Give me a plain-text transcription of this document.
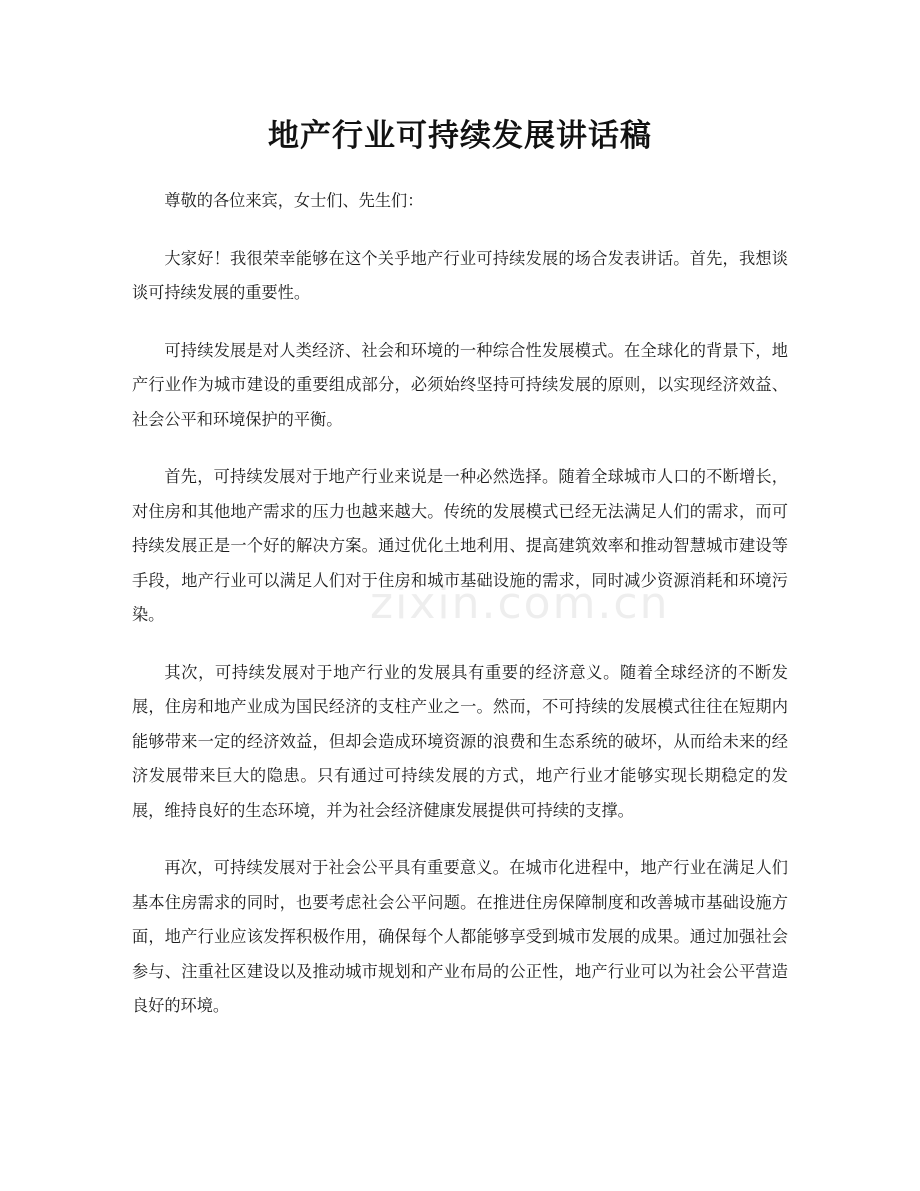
地产行业可持续发展讲话稿

尊敬的各位来宾，女士们、先生们：

大家好！我很荣幸能够在这个关乎地产行业可持续发展的场合发表讲话。首先，我想谈谈可持续发展的重要性。

可持续发展是对人类经济、社会和环境的一种综合性发展模式。在全球化的背景下，地产行业作为城市建设的重要组成部分，必须始终坚持可持续发展的原则，以实现经济效益、社会公平和环境保护的平衡。

首先，可持续发展对于地产行业来说是一种必然选择。随着全球城市人口的不断增长，对住房和其他地产需求的压力也越来越大。传统的发展模式已经无法满足人们的需求，而可持续发展正是一个好的解决方案。通过优化土地利用、提高建筑效率和推动智慧城市建设等手段，地产行业可以满足人们对于住房和城市基础设施的需求，同时减少资源消耗和环境污染。

其次，可持续发展对于地产行业的发展具有重要的经济意义。随着全球经济的不断发展，住房和地产业成为国民经济的支柱产业之一。然而，不可持续的发展模式往往在短期内能够带来一定的经济效益，但却会造成环境资源的浪费和生态系统的破坏，从而给未来的经济发展带来巨大的隐患。只有通过可持续发展的方式，地产行业才能够实现长期稳定的发展，维持良好的生态环境，并为社会经济健康发展提供可持续的支撑。

再次，可持续发展对于社会公平具有重要意义。在城市化进程中，地产行业在满足人们基本住房需求的同时，也要考虑社会公平问题。在推进住房保障制度和改善城市基础设施方面，地产行业应该发挥积极作用，确保每个人都能够享受到城市发展的成果。通过加强社会参与、注重社区建设以及推动城市规划和产业布局的公正性，地产行业可以为社会公平营造良好的环境。

zixin.com.cn
